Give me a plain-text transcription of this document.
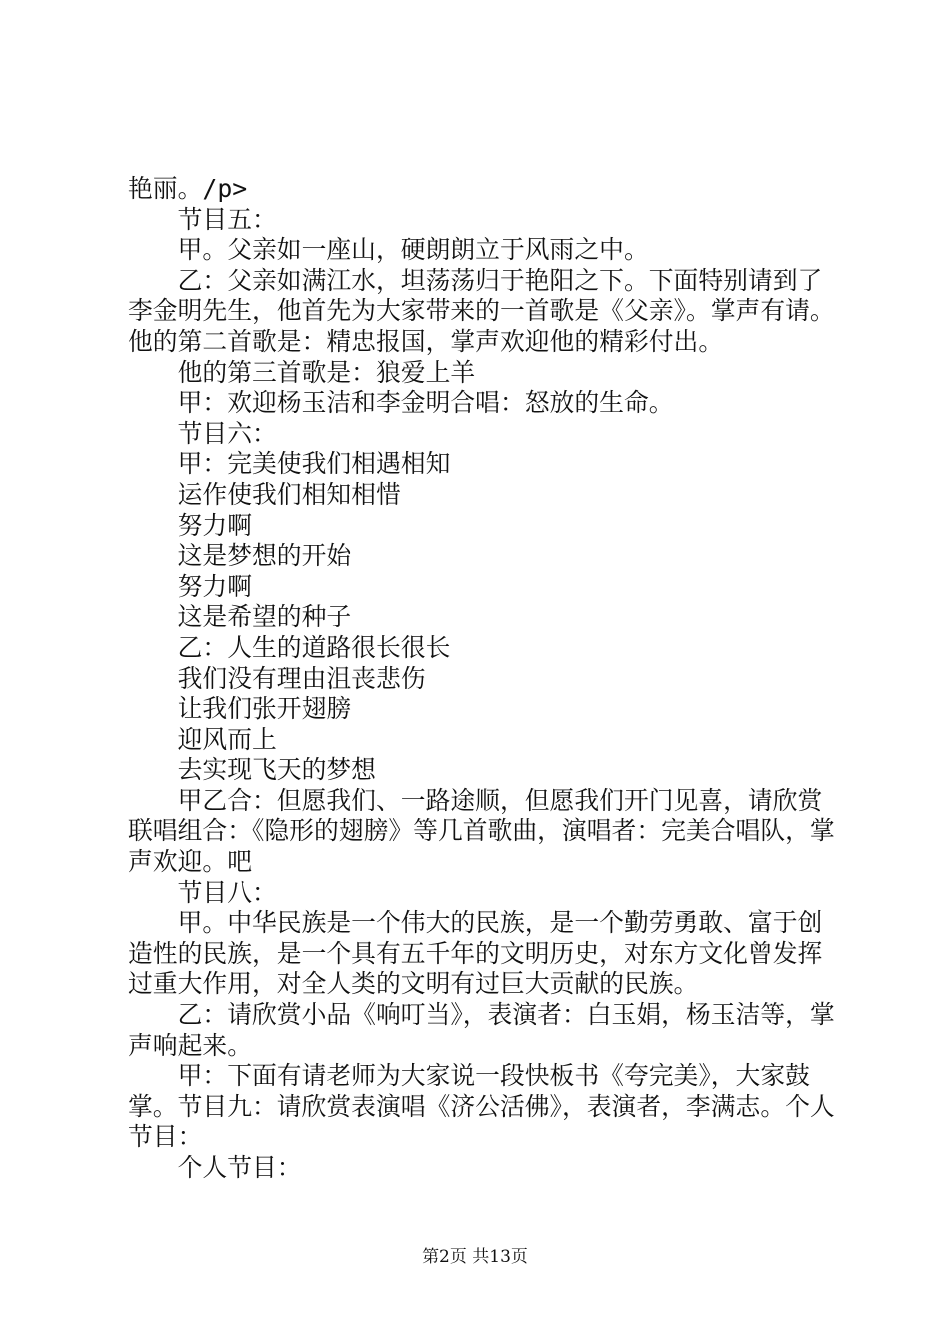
艳丽。/p>

节目五：

甲。父亲如一座山，硬朗朗立于风雨之中。

乙：父亲如满江水，坦荡荡归于艳阳之下。下面特别请到了李金明先生，他首先为大家带来的一首歌是《父亲》。掌声有请。他的第二首歌是：精忠报国，掌声欢迎他的精彩付出。

他的第三首歌是：狼爱上羊

甲：欢迎杨玉洁和李金明合唱：怒放的生命。

节目六：

甲：完美使我们相遇相知

运作使我们相知相惜

努力啊

这是梦想的开始

努力啊

这是希望的种子

乙：人生的道路很长很长

我们没有理由沮丧悲伤

让我们张开翅膀

迎风而上

去实现飞天的梦想

甲乙合：但愿我们、一路途顺，但愿我们开门见喜，请欣赏联唱组合：《隐形的翅膀》等几首歌曲，演唱者：完美合唱队，掌声欢迎。吧

节目八：

甲。中华民族是一个伟大的民族，是一个勤劳勇敢、富于创造性的民族，是一个具有五千年的文明历史，对东方文化曾发挥过重大作用，对全人类的文明有过巨大贡献的民族。

乙：请欣赏小品《响叮当》，表演者：白玉娟，杨玉洁等，掌声响起来。

甲：下面有请老师为大家说一段快板书《夸完美》，大家鼓掌。节目九：请欣赏表演唱《济公活佛》，表演者，李满志。个人节目：

个人节目：

第2页 共13页
